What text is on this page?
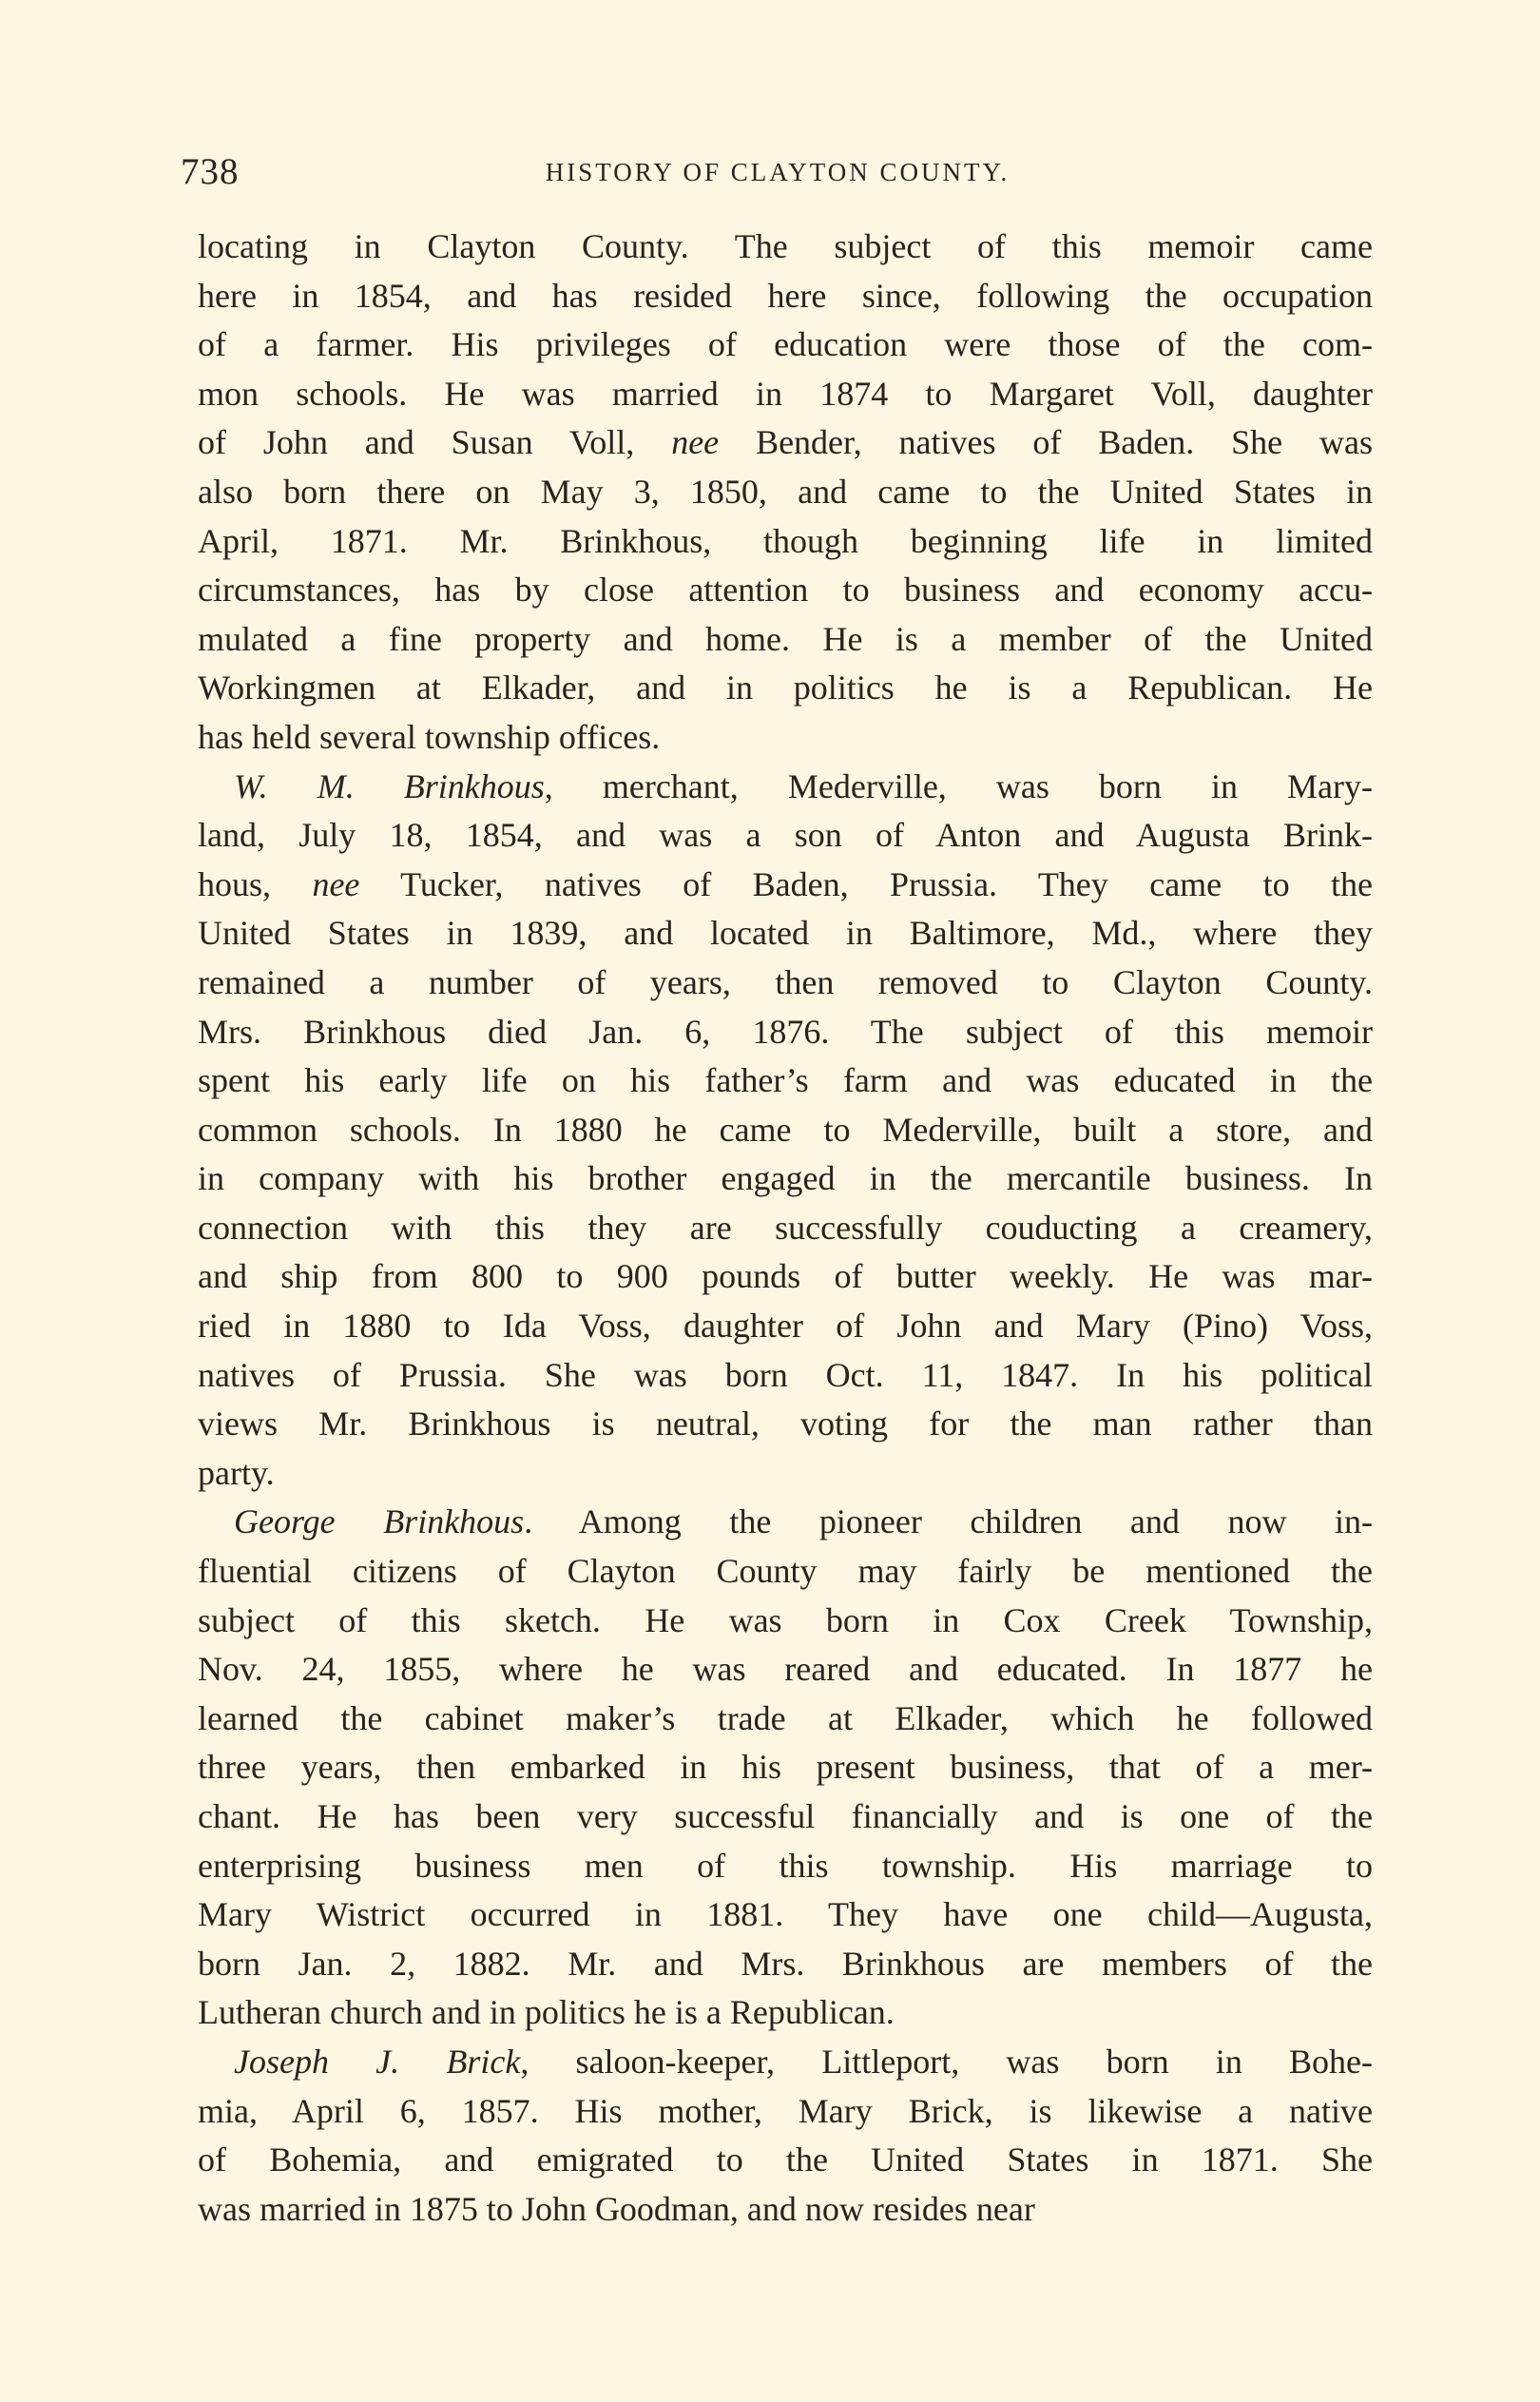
738	HISTORY OF CLAYTON COUNTY.
locating in Clayton County. The subject of this memoir came
here in 1854, and has resided here since, following the occupation
of a farmer. His privileges of education were those of the com-
mon schools. He was married in 1874 to Margaret Voll, daughter
of John and Susan Voll, nee Bender, natives of Baden. She was
also born there on May 3, 1850, and came to the United States in
April, 1871. Mr. Brinkhous, though beginning life in limited
circumstances, has by close attention to business and economy accu-
mulated a fine property and home. He is a member of the United
Workingmen at Elkader, and in politics he is a Republican. He
has held several township offices.
W. M. Brinkhous, merchant, Mederville, was born in Mary-
land, July 18, 1854, and was a son of Anton and Augusta Brink-
hous, nee Tucker, natives of Baden, Prussia. They came to the
United States in 1839, and located in Baltimore, Md., where they
remained a number of years, then removed to Clayton County.
Mrs. Brinkhous died Jan. 6, 1876. The subject of this memoir
spent his early life on his father’s farm and was educated in the
common schools. In 1880 he came to Mederville, built a store, and
in company with his brother engaged in the mercantile business. In
connection with this they are successfully couducting a creamery,
and ship from 800 to 900 pounds of butter weekly. He was mar-
ried in 1880 to Ida Voss, daughter of John and Mary (Pino) Voss,
natives of Prussia. She was born Oct. 11, 1847. In his political
views Mr. Brinkhous is neutral, voting for the man rather than
party.
George Brinkhous. Among the pioneer children and now in-
fluential citizens of Clayton County may fairly be mentioned the
subject of this sketch. He was born in Cox Creek Township,
Nov. 24, 1855, where he was reared and educated. In 1877 he
learned the cabinet maker’s trade at Elkader, which he followed
three years, then embarked in his present business, that of a mer-
chant. He has been very successful financially and is one of the
enterprising business men of this township. His marriage to
Mary Wistrict occurred in 1881. They have one child—Augusta,
born Jan. 2, 1882. Mr. and Mrs. Brinkhous are members of the
Lutheran church and in politics he is a Republican.
Joseph J. Brick, saloon-keeper, Littleport, was born in Bohe-
mia, April 6, 1857. His mother, Mary Brick, is likewise a native
of Bohemia, and emigrated to the United States in 1871. She
was married in 1875 to John Goodman, and now resides near
